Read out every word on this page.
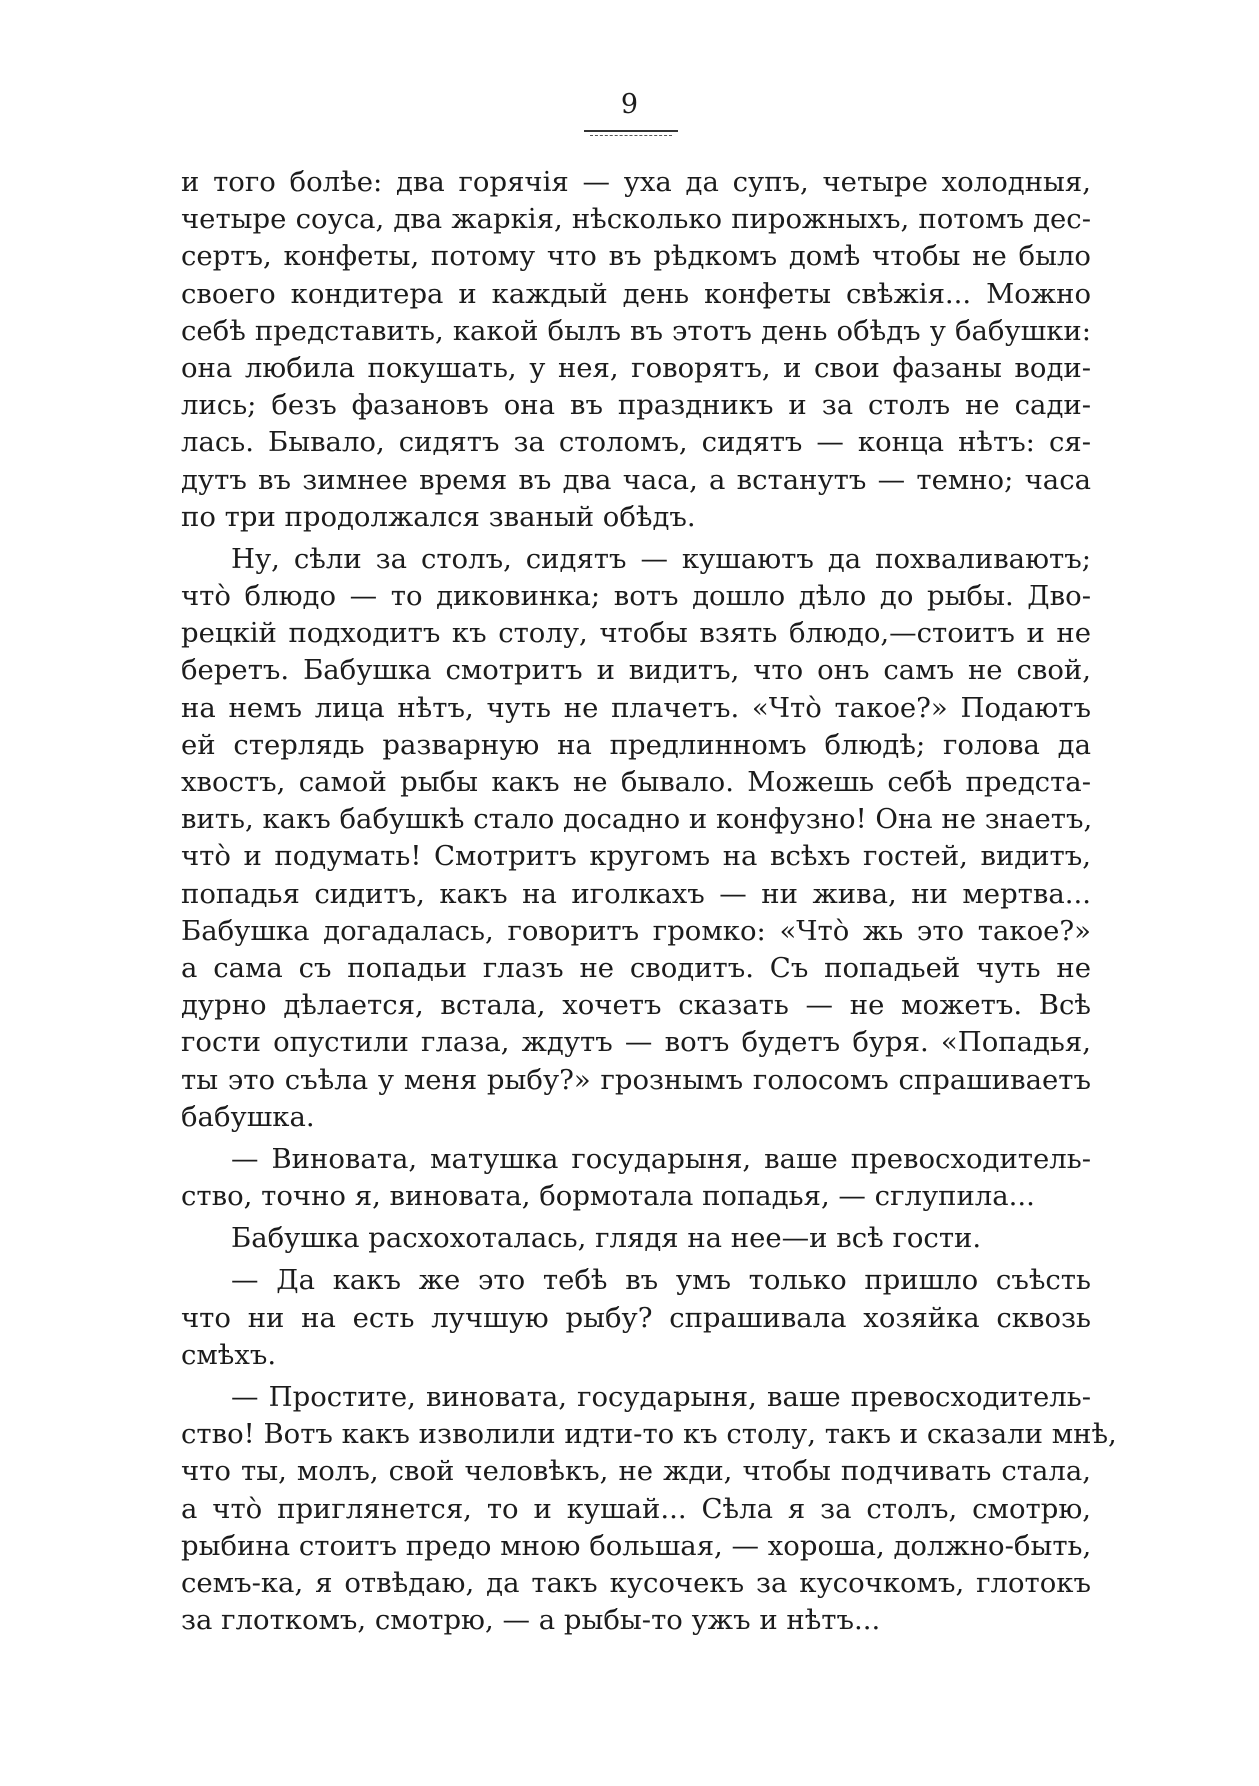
9
и того болѣе: два горячія — уха да супъ, четыре холодныя,
четыре соуса, два жаркія, нѣсколько пирожныхъ, потомъ дес-
сертъ, конфеты, потому что въ рѣдкомъ домѣ чтобы не было
своего кондитера и каждый день конфеты свѣжія... Можно
себѣ представить, какой былъ въ этотъ день обѣдъ у бабушки:
она любила покушать, у нея, говорятъ, и свои фазаны води-
лись; безъ фазановъ она въ праздникъ и за столъ не сади-
лась. Бывало, сидятъ за столомъ, сидятъ — конца нѣтъ: ся-
дутъ въ зимнее время въ два часа, а встанутъ — темно; часа
по три продолжался званый обѣдъ.
Ну, сѣли за столъ, сидятъ — кушаютъ да похваливаютъ;
что̀ блюдо — то диковинка; вотъ дошло дѣло до рыбы. Дво-
рецкій подходитъ къ столу, чтобы взять блюдо,—стоитъ и не
беретъ. Бабушка смотритъ и видитъ, что онъ самъ не свой,
на немъ лица нѣтъ, чуть не плачетъ. «Что̀ такое?» Подаютъ
ей стерлядь разварную на предлинномъ блюдѣ; голова да
хвостъ, самой рыбы какъ не бывало. Можешь себѣ предста-
вить, какъ бабушкѣ стало досадно и конфузно! Она не знаетъ,
что̀ и подумать! Смотритъ кругомъ на всѣхъ гостей, видитъ,
попадья сидитъ, какъ на иголкахъ — ни жива, ни мертва...
Бабушка догадалась, говоритъ громко: «Что̀ жь это такое?»
а сама съ попадьи глазъ не сводитъ. Съ попадьей чуть не
дурно дѣлается, встала, хочетъ сказать — не можетъ. Всѣ
гости опустили глаза, ждутъ — вотъ будетъ буря. «Попадья,
ты это съѣла у меня рыбу?» грознымъ голосомъ спрашиваетъ
бабушка.
— Виновата, матушка государыня, ваше превосходитель-
ство, точно я, виновата, бормотала попадья, — сглупила...
Бабушка расхохоталась, глядя на нее—и всѣ гости.
— Да какъ же это тебѣ въ умъ только пришло съѣсть
что ни на есть лучшую рыбу? спрашивала хозяйка сквозь
смѣхъ.
— Простите, виновата, государыня, ваше превосходитель-
ство! Вотъ какъ изволили идти-то къ столу, такъ и сказали мнѣ,
что ты, молъ, свой человѣкъ, не жди, чтобы подчивать стала,
а что̀ приглянется, то и кушай... Сѣла я за столъ, смотрю,
рыбина стоитъ предо мною большая, — хороша, должно-быть,
семъ-ка, я отвѣдаю, да такъ кусочекъ за кусочкомъ, глотокъ
за глоткомъ, смотрю, — а рыбы-то ужъ и нѣтъ...
